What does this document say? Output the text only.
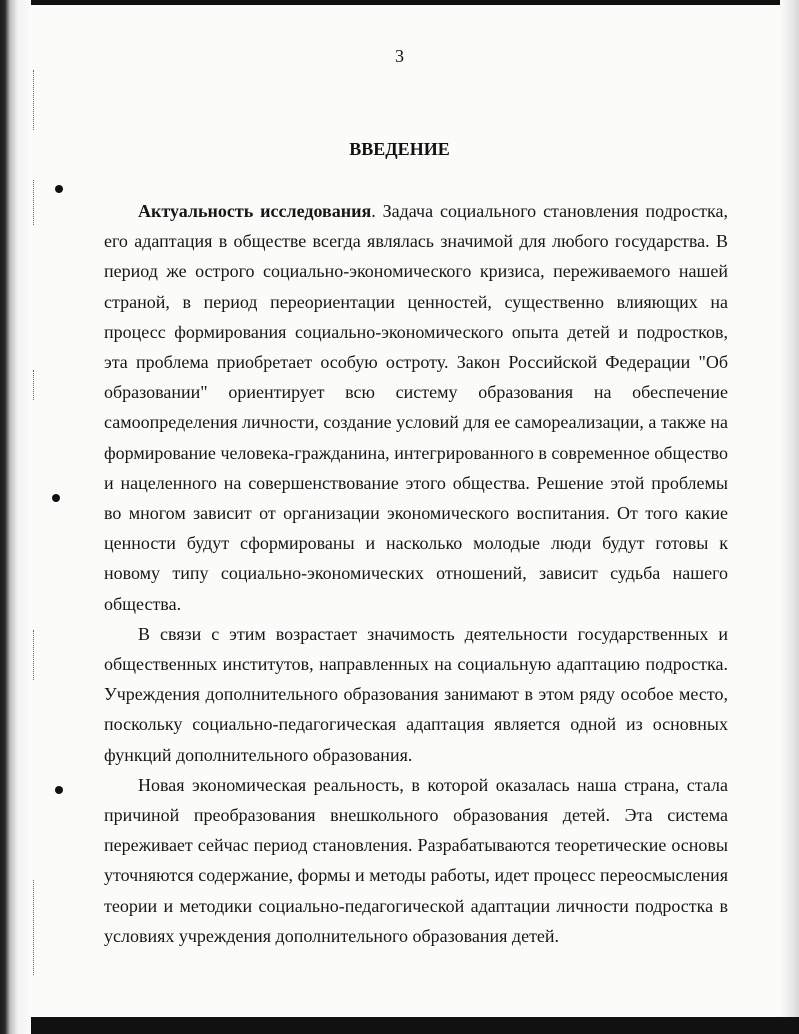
3

ВВЕДЕНИЕ

Актуальность исследования. Задача социального становления подростка, его адаптация в обществе всегда являлась значимой для любого государства. В период же острого социально-экономического кризиса, переживаемого нашей страной, в период переориентации ценностей, существенно влияющих на процесс формирования социально-экономического опыта детей и подростков, эта проблема приобретает особую остроту. Закон Российской Федерации "Об образовании" ориентирует всю систему образования на обеспечение самоопределения личности, создание условий для ее самореализации, а также на формирование человека-гражданина, интегрированного в современное общество и нацеленного на совершенствование этого общества. Решение этой проблемы во многом зависит от организации экономического воспитания. От того какие ценности будут сформированы и насколько молодые люди будут готовы к новому типу социально-экономических отношений, зависит судьба нашего общества.

В связи с этим возрастает значимость деятельности государственных и общественных институтов, направленных на социальную адаптацию подростка. Учреждения дополнительного образования занимают в этом ряду особое место, поскольку социально-педагогическая адаптация является одной из основных функций дополнительного образования.

Новая экономическая реальность, в которой оказалась наша страна, стала причиной преобразования внешкольного образования детей. Эта система переживает сейчас период становления. Разрабатываются теоретические основы уточняются содержание, формы и методы работы, идет процесс переосмысления теории и методики социально-педагогической адаптации личности подростка в условиях учреждения дополнительного образования детей.
